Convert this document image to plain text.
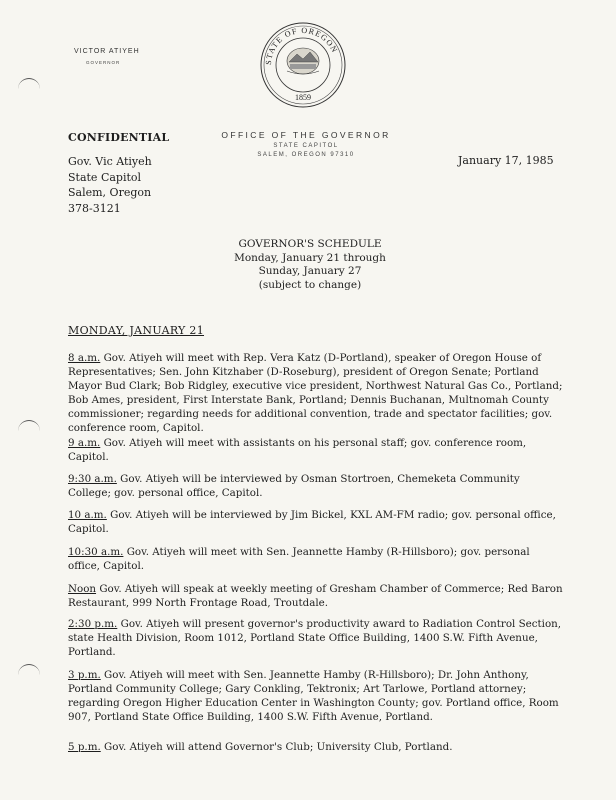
VICTOR ATIYEH
GOVERNOR	STATE OF OREGON
1859
CONFIDENTIAL	OFFICE OF THE GOVERNOR
STATE CAPITOL
SALEM, OREGON 97310
Gov. Vic Atiyeh
State Capitol
Salem, Oregon
378-3121
January 17, 1985
GOVERNOR'S SCHEDULE
Monday, January 21 through
Sunday, January 27
(subject to change)
MONDAY, JANUARY 21
8 a.m. Gov. Atiyeh will meet with Rep. Vera Katz (D-Portland), speaker of Oregon House of Representatives; Sen. John Kitzhaber (D-Roseburg), president of Oregon Senate; Portland Mayor Bud Clark; Bob Ridgley, executive vice president, Northwest Natural Gas Co., Portland; Bob Ames, president, First Interstate Bank, Portland; Dennis Buchanan, Multnomah County commissioner; regarding needs for additional convention, trade and spectator facilities; gov. conference room, Capitol.
9 a.m. Gov. Atiyeh will meet with assistants on his personal staff; gov. conference room, Capitol.
9:30 a.m. Gov. Atiyeh will be interviewed by Osman Stortroen, Chemeketa Community College; gov. personal office, Capitol.
10 a.m. Gov. Atiyeh will be interviewed by Jim Bickel, KXL AM-FM radio; gov. personal office, Capitol.
10:30 a.m. Gov. Atiyeh will meet with Sen. Jeannette Hamby (R-Hillsboro); gov. personal office, Capitol.
Noon Gov. Atiyeh will speak at weekly meeting of Gresham Chamber of Commerce; Red Baron Restaurant, 999 North Frontage Road, Troutdale.
2:30 p.m. Gov. Atiyeh will present governor's productivity award to Radiation Control Section, state Health Division, Room 1012, Portland State Office Building, 1400 S.W. Fifth Avenue, Portland.
3 p.m. Gov. Atiyeh will meet with Sen. Jeannette Hamby (R-Hillsboro); Dr. John Anthony, Portland Community College; Gary Conkling, Tektronix; Art Tarlowe, Portland attorney; regarding Oregon Higher Education Center in Washington County; gov. Portland office, Room 907, Portland State Office Building, 1400 S.W. Fifth Avenue, Portland.
5 p.m. Gov. Atiyeh will attend Governor's Club; University Club, Portland.
